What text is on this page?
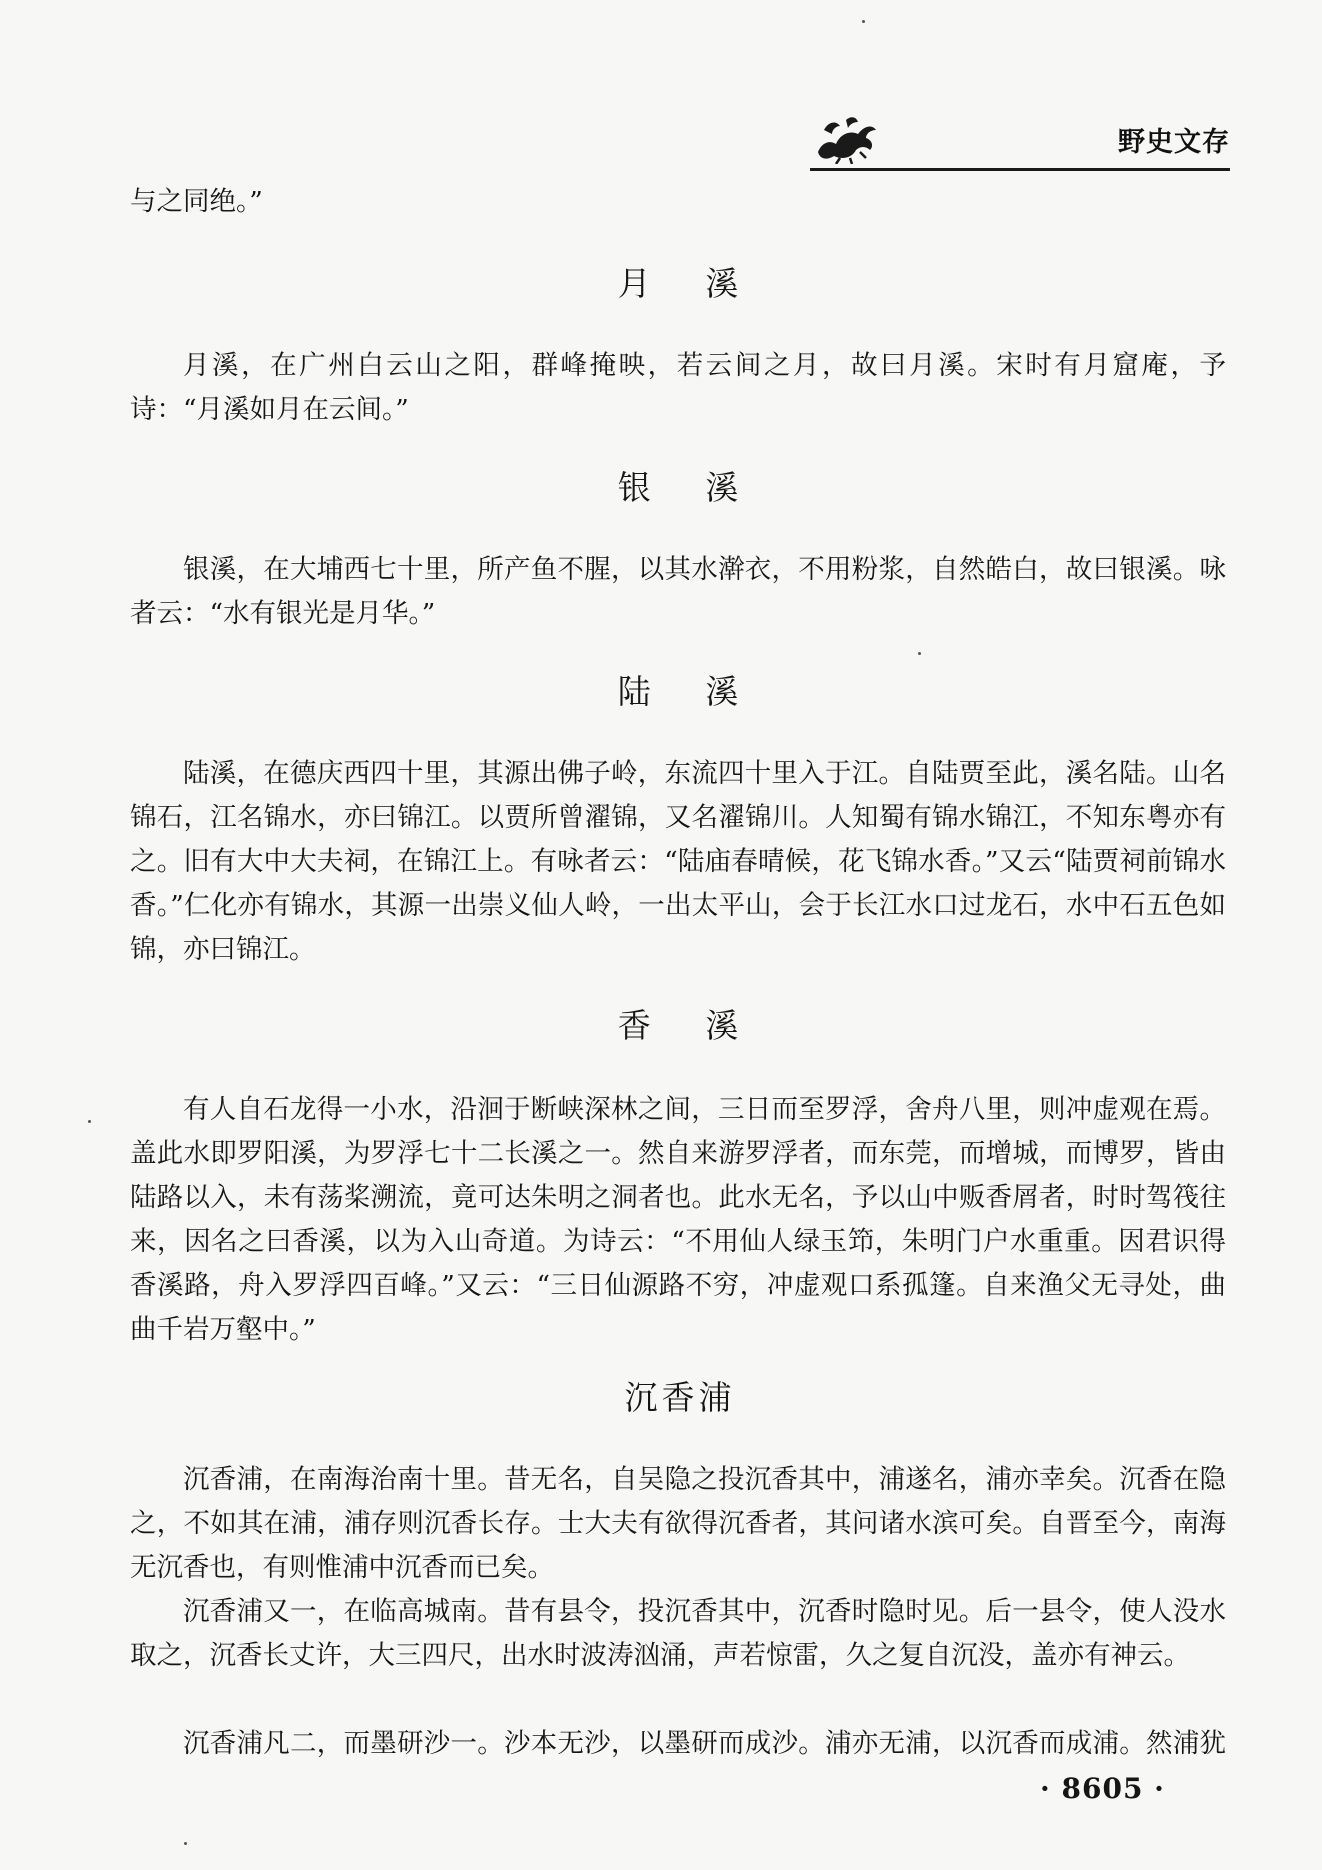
野史文存

与之同绝。”

月 溪

月溪，在广州白云山之阳，群峰掩映，若云间之月，故曰月溪。宋时有月窟庵，予诗：“月溪如月在云间。”

银 溪

银溪，在大埔西七十里，所产鱼不腥，以其水澣衣，不用粉浆，自然皓白，故曰银溪。咏者云：“水有银光是月华。”

陆 溪

陆溪，在德庆西四十里，其源出佛子岭，东流四十里入于江。自陆贾至此，溪名陆。山名锦石，江名锦水，亦曰锦江。以贾所曾濯锦，又名濯锦川。人知蜀有锦水锦江，不知东粤亦有之。旧有大中大夫祠，在锦江上。有咏者云：“陆庙春晴候，花飞锦水香。”又云“陆贾祠前锦水香。”仁化亦有锦水，其源一出崇义仙人岭，一出太平山，会于长江水口过龙石，水中石五色如锦，亦曰锦江。

香 溪

有人自石龙得一小水，沿洄于断峡深林之间，三日而至罗浮，舍舟八里，则冲虚观在焉。盖此水即罗阳溪，为罗浮七十二长溪之一。然自来游罗浮者，而东莞，而增城，而博罗，皆由陆路以入，未有荡桨溯流，竟可达朱明之洞者也。此水无名，予以山中贩香屑者，时时驾筏往来，因名之曰香溪，以为入山奇道。为诗云：“不用仙人绿玉笻，朱明门户水重重。因君识得香溪路，舟入罗浮四百峰。”又云：“三日仙源路不穷，冲虚观口系孤篷。自来渔父无寻处，曲曲千岩万壑中。”

沉香浦

沉香浦，在南海治南十里。昔无名，自吴隐之投沉香其中，浦遂名，浦亦幸矣。沉香在隐之，不如其在浦，浦存则沉香长存。士大夫有欲得沉香者，其问诸水滨可矣。自晋至今，南海无沉香也，有则惟浦中沉香而已矣。

沉香浦又一，在临高城南。昔有县令，投沉香其中，沉香时隐时见。后一县令，使人没水取之，沉香长丈许，大三四尺，出水时波涛汹涌，声若惊雷，久之复自沉没，盖亦有神云。

沉香浦凡二，而墨研沙一。沙本无沙，以墨研而成沙。浦亦无浦，以沉香而成浦。然浦犹

· 8605 ·
